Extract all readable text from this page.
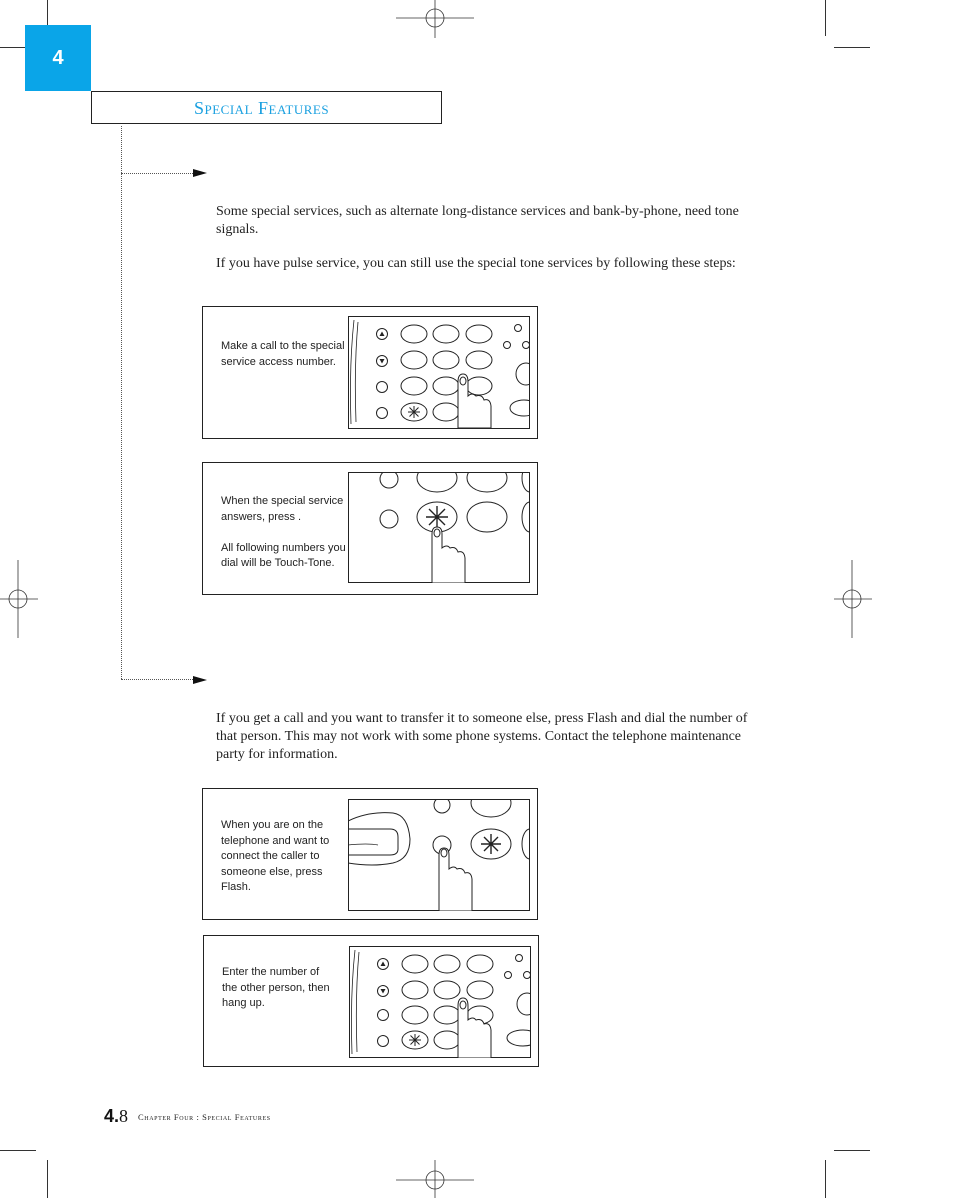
4
Special Features
Some special services, such as alternate long-distance services and bank-by-phone, need tone signals.
If you have pulse service, you can still use the special tone services by following these steps:
Make a call to the special service access number.
When the special service answers, press .

All following numbers you dial will be Touch-Tone.
If you get a call and you want to transfer it to someone else, press Flash and dial the number of that person. This may not work with some phone systems. Contact the telephone maintenance party for information.
When you are on the telephone and want to connect the caller to someone else, press Flash.
Enter the number of the other person, then hang up.
4.8 Chapter Four : Special Features
